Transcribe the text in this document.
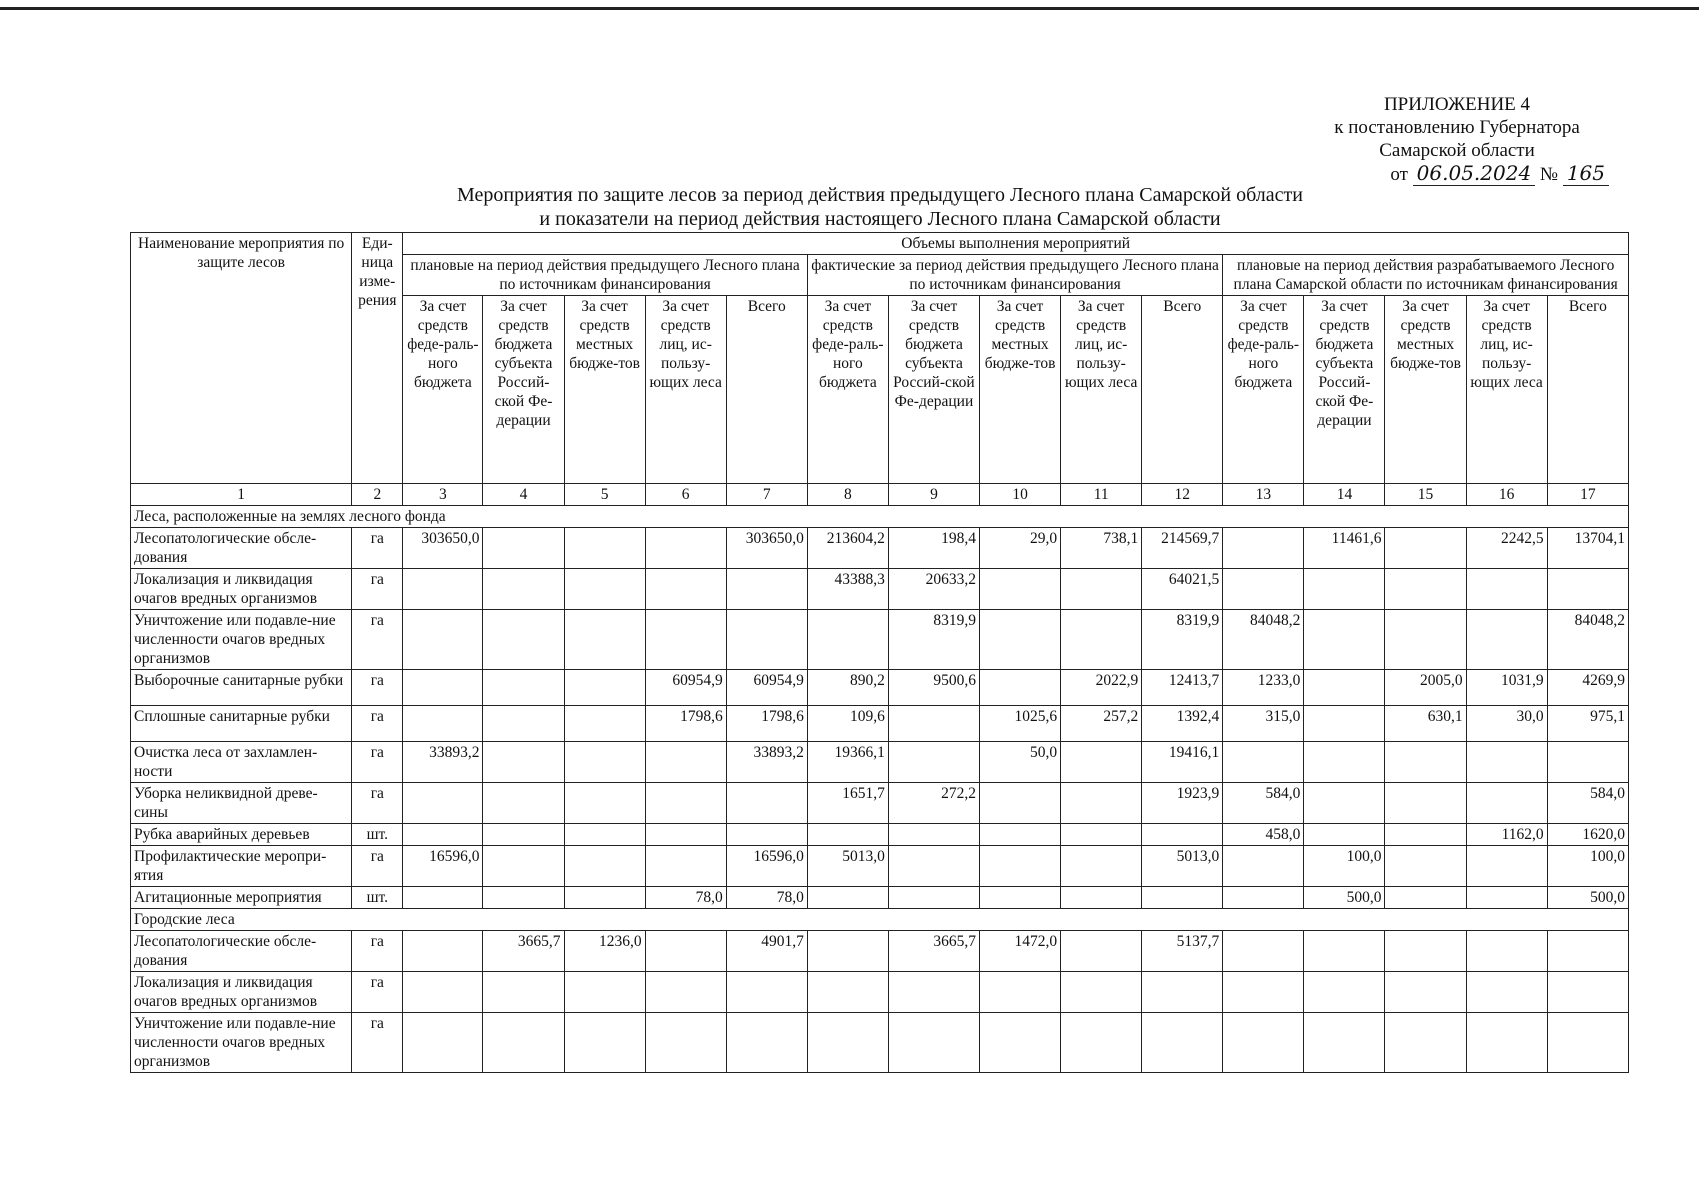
ПРИЛОЖЕНИЕ 4
к постановлению Губернатора
Самарской области
от 06.05.2024 № 165
Мероприятия по защите лесов за период действия предыдущего Лесного плана Самарской области
и показатели на период действия настоящего Лесного плана Самарской области
Наименование мероприятия по защите лесов	Еди-ница изме-рения	Объемы выполнения мероприятий														
		плановые на период действия предыдущего Лесного плана по источникам финансирования					фактические за период действия предыдущего Лесного плана по источникам финансирования					плановые на период действия разрабатываемого Лесного плана Самарской области по источникам финансирования				
		За счет средств феде-раль-ного бюджета	За счет средств бюджета субъекта Россий-ской Фе-дерации	За счет средств местных бюдже-тов	За счет средств лиц, ис-пользу-ющих леса	Всего	За счет средств феде-раль-ного бюджета	За счет средств бюджета субъекта Россий-ской Фе-дерации	За счет средств местных бюдже-тов	За счет средств лиц, ис-пользу-ющих леса	Всего	За счет средств феде-раль-ного бюджета	За счет средств бюджета субъекта Россий-ской Фе-дерации	За счет средств местных бюдже-тов	За счет средств лиц, ис-пользу-ющих леса	Всего
1	2	3	4	5	6	7	8	9	10	11	12	13	14	15	16	17
Леса, расположенные на землях лесного фонда																
Лесопатологические обсле-дования	га	303650,0				303650,0	213604,2	198,4	29,0	738,1	214569,7		11461,6		2242,5	13704,1
Локализация и ликвидация очагов вредных организмов	га						43388,3	20633,2			64021,5					
Уничтожение или подавле-ние численности очагов вредных организмов	га							8319,9			8319,9	84048,2				84048,2
Выборочные санитарные рубки	га				60954,9	60954,9	890,2	9500,6		2022,9	12413,7	1233,0		2005,0	1031,9	4269,9
Сплошные санитарные рубки	га				1798,6	1798,6	109,6		1025,6	257,2	1392,4	315,0		630,1	30,0	975,1
Очистка леса от захламлен-ности	га	33893,2				33893,2	19366,1		50,0		19416,1					
Уборка неликвидной древе-сины	га						1651,7	272,2			1923,9	584,0				584,0
Рубка аварийных деревьев	шт.											458,0			1162,0	1620,0
Профилактические меропри-ятия	га	16596,0				16596,0	5013,0				5013,0		100,0			100,0
Агитационные мероприятия	шт.				78,0	78,0							500,0			500,0
Городские леса																
Лесопатологические обсле-дования	га		3665,7	1236,0		4901,7		3665,7	1472,0		5137,7					
Локализация и ликвидация очагов вредных организмов	га															
Уничтожение или подавле-ние численности очагов вредных организмов	га															
